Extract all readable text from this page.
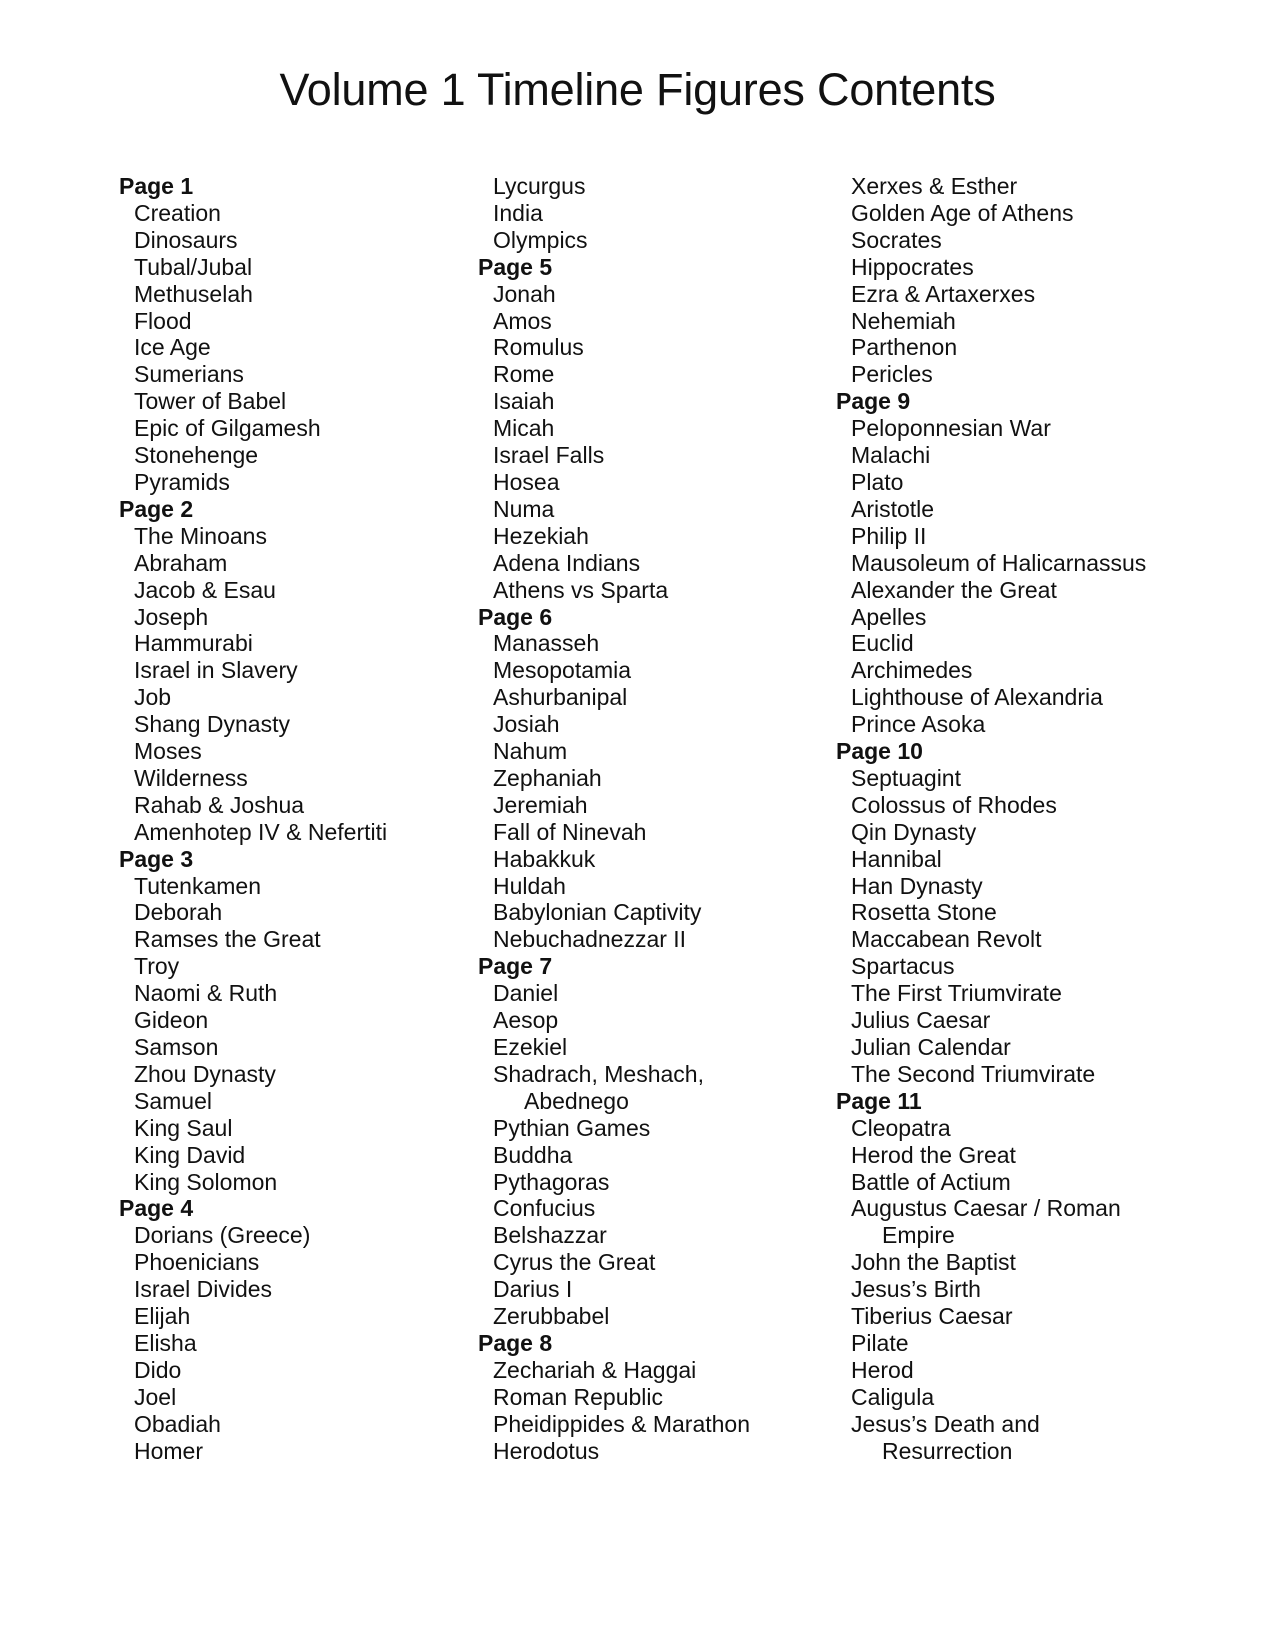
Volume 1 Timeline Figures Contents
Page 1
Creation
Dinosaurs
Tubal/Jubal
Methuselah
Flood
Ice Age
Sumerians
Tower of Babel
Epic of Gilgamesh
Stonehenge
Pyramids
Page 2
The Minoans
Abraham
Jacob & Esau
Joseph
Hammurabi
Israel in Slavery
Job
Shang Dynasty
Moses
Wilderness
Rahab & Joshua
Amenhotep IV & Nefertiti
Page 3
Tutenkamen
Deborah
Ramses the Great
Troy
Naomi & Ruth
Gideon
Samson
Zhou Dynasty
Samuel
King Saul
King David
King Solomon
Page 4
Dorians (Greece)
Phoenicians
Israel Divides
Elijah
Elisha
Dido
Joel
Obadiah
Homer
Lycurgus
India
Olympics
Page 5
Jonah
Amos
Romulus
Rome
Isaiah
Micah
Israel Falls
Hosea
Numa
Hezekiah
Adena Indians
Athens vs Sparta
Page 6
Manasseh
Mesopotamia
Ashurbanipal
Josiah
Nahum
Zephaniah
Jeremiah
Fall of Ninevah
Habakkuk
Huldah
Babylonian Captivity
Nebuchadnezzar II
Page 7
Daniel
Aesop
Ezekiel
Shadrach, Meshach,
Abednego
Pythian Games
Buddha
Pythagoras
Confucius
Belshazzar
Cyrus the Great
Darius I
Zerubbabel
Page 8
Zechariah & Haggai
Roman Republic
Pheidippides & Marathon
Herodotus
Xerxes & Esther
Golden Age of Athens
Socrates
Hippocrates
Ezra & Artaxerxes
Nehemiah
Parthenon
Pericles
Page 9
Peloponnesian War
Malachi
Plato
Aristotle
Philip II
Mausoleum of Halicarnassus
Alexander the Great
Apelles
Euclid
Archimedes
Lighthouse of Alexandria
Prince Asoka
Page 10
Septuagint
Colossus of Rhodes
Qin Dynasty
Hannibal
Han Dynasty
Rosetta Stone
Maccabean Revolt
Spartacus
The First Triumvirate
Julius Caesar
Julian Calendar
The Second Triumvirate
Page 11
Cleopatra
Herod the Great
Battle of Actium
Augustus Caesar / Roman
Empire
John the Baptist
Jesus’s Birth
Tiberius Caesar
Pilate
Herod
Caligula
Jesus’s Death and
Resurrection
